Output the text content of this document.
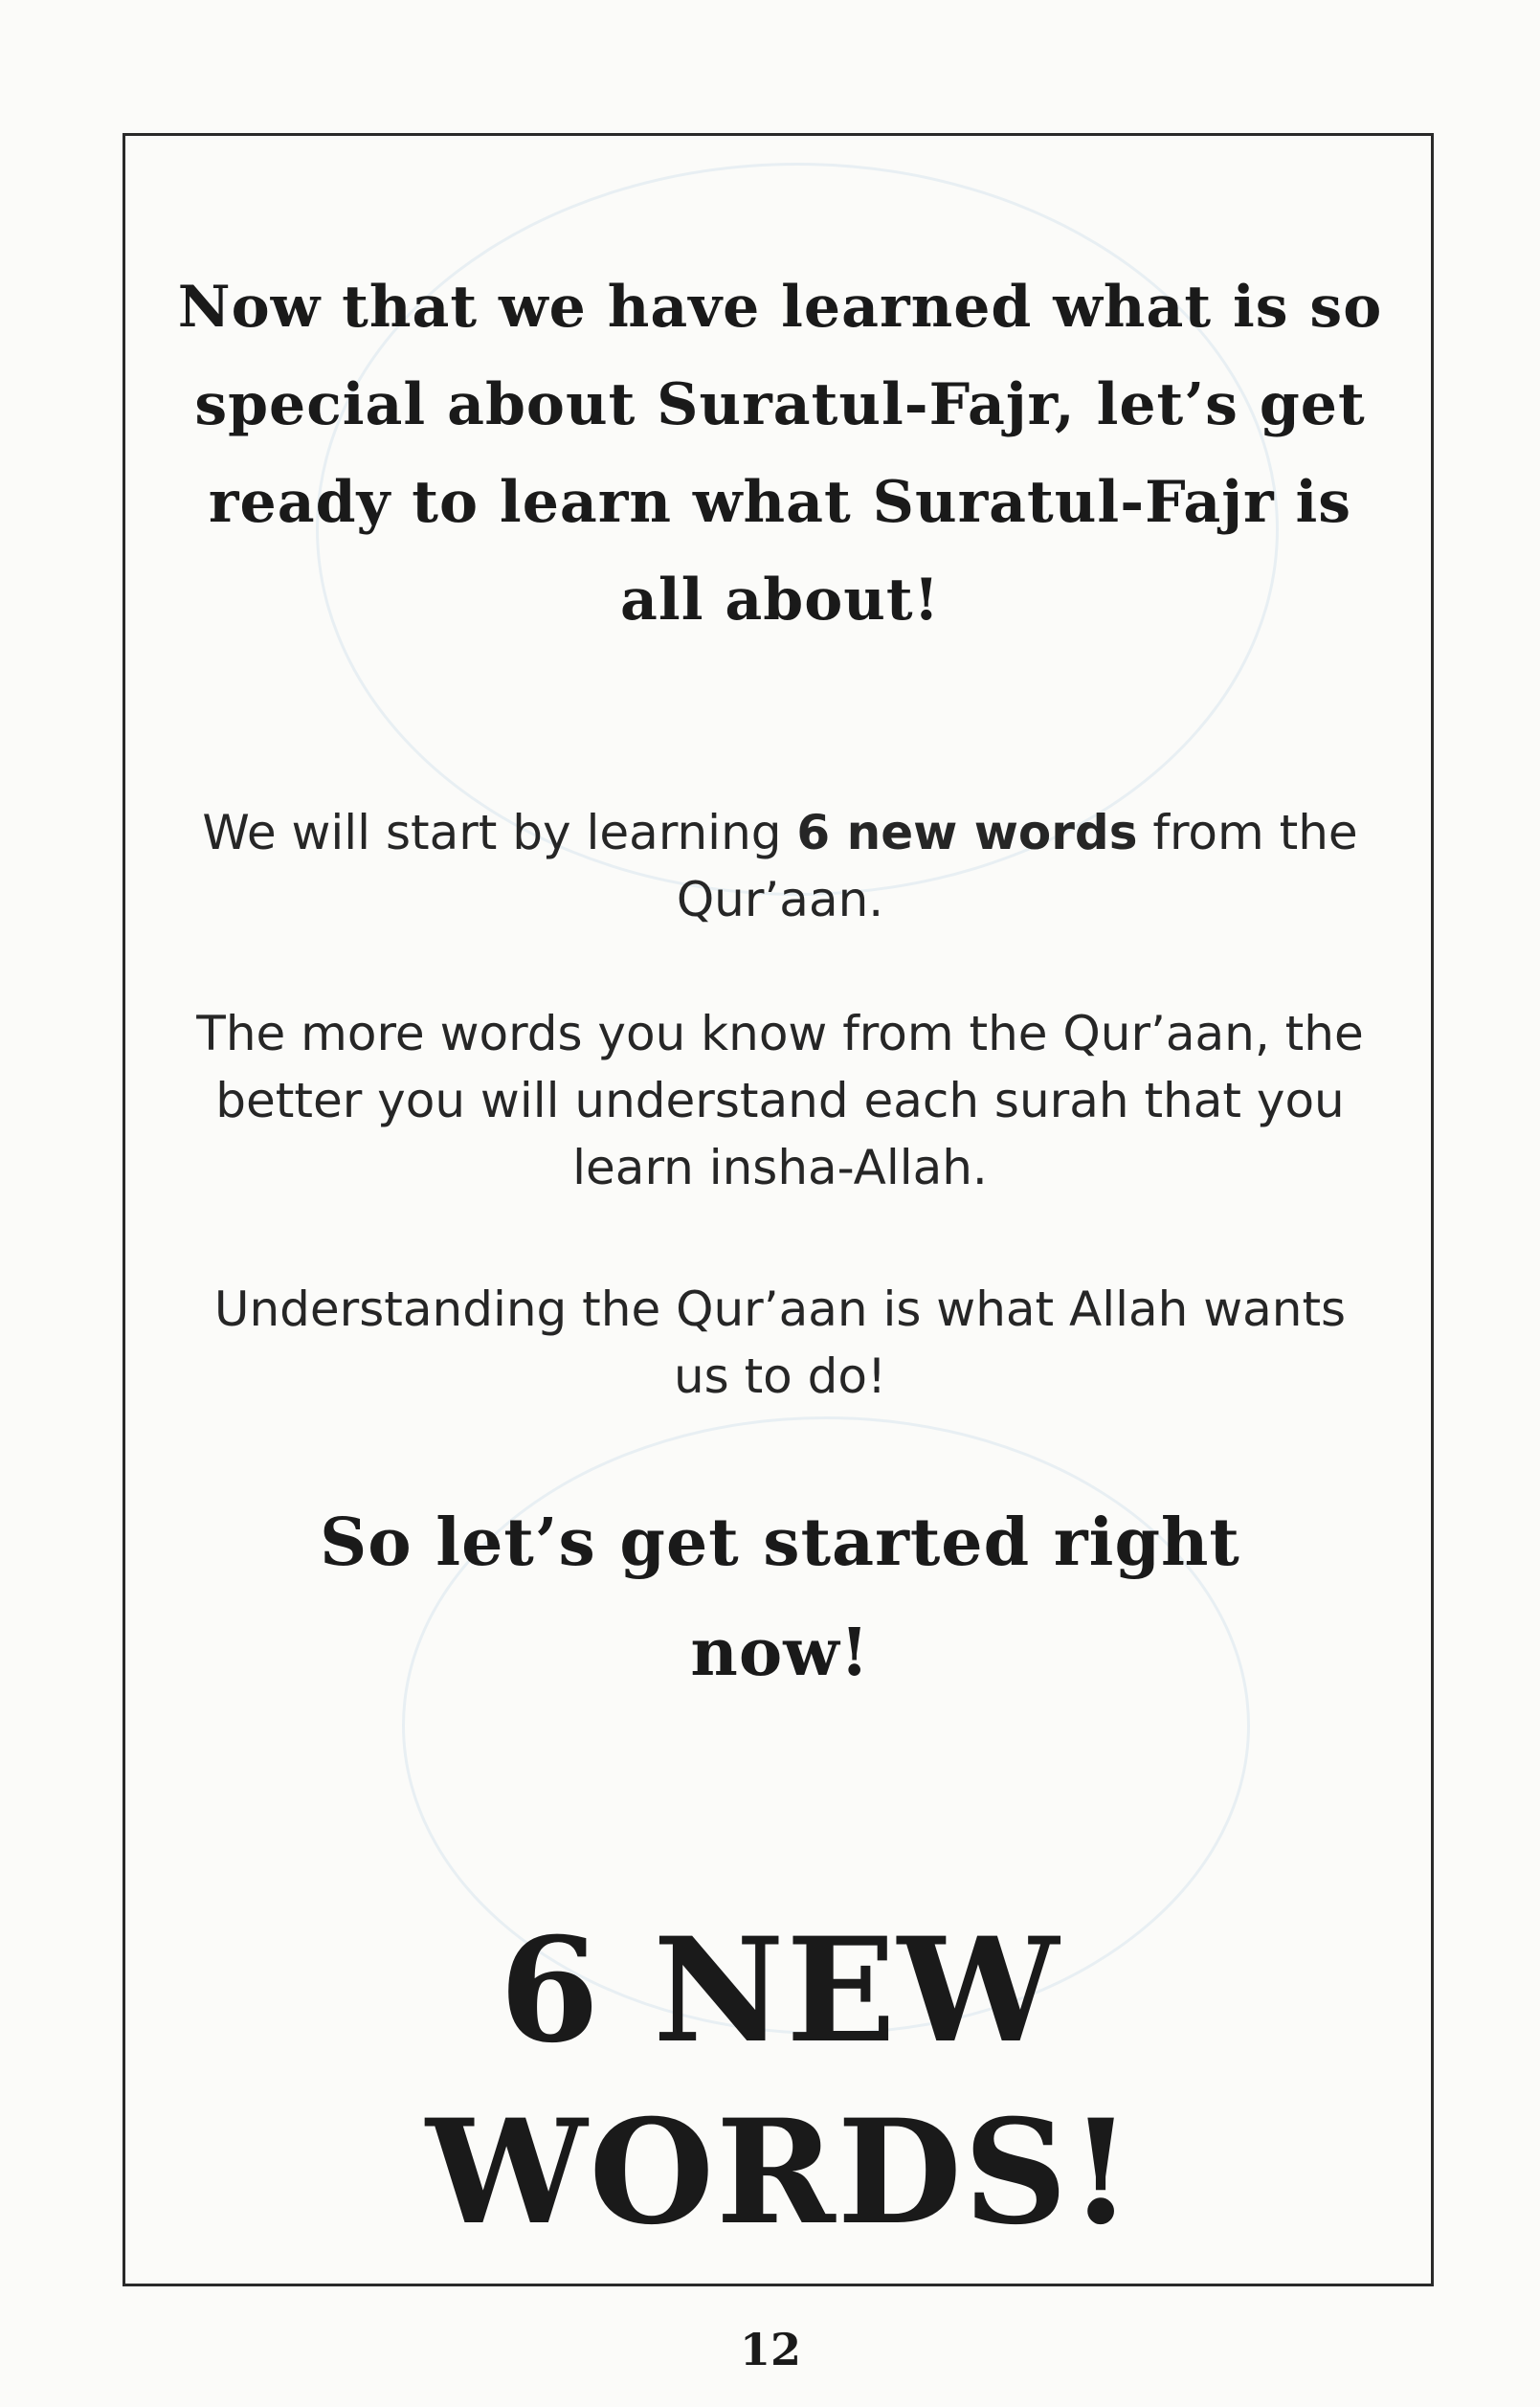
Now that we have learned what is so special about Suratul-Fajr, let’s get ready to learn what Suratul-Fajr is all about!

We will start by learning 6 new words from the Qur’aan.

The more words you know from the Qur’aan, the better you will understand each surah that you learn insha-Allah.

Understanding the Qur’aan is what Allah wants us to do!

So let’s get started right now!
6 NEW WORDS!
12
